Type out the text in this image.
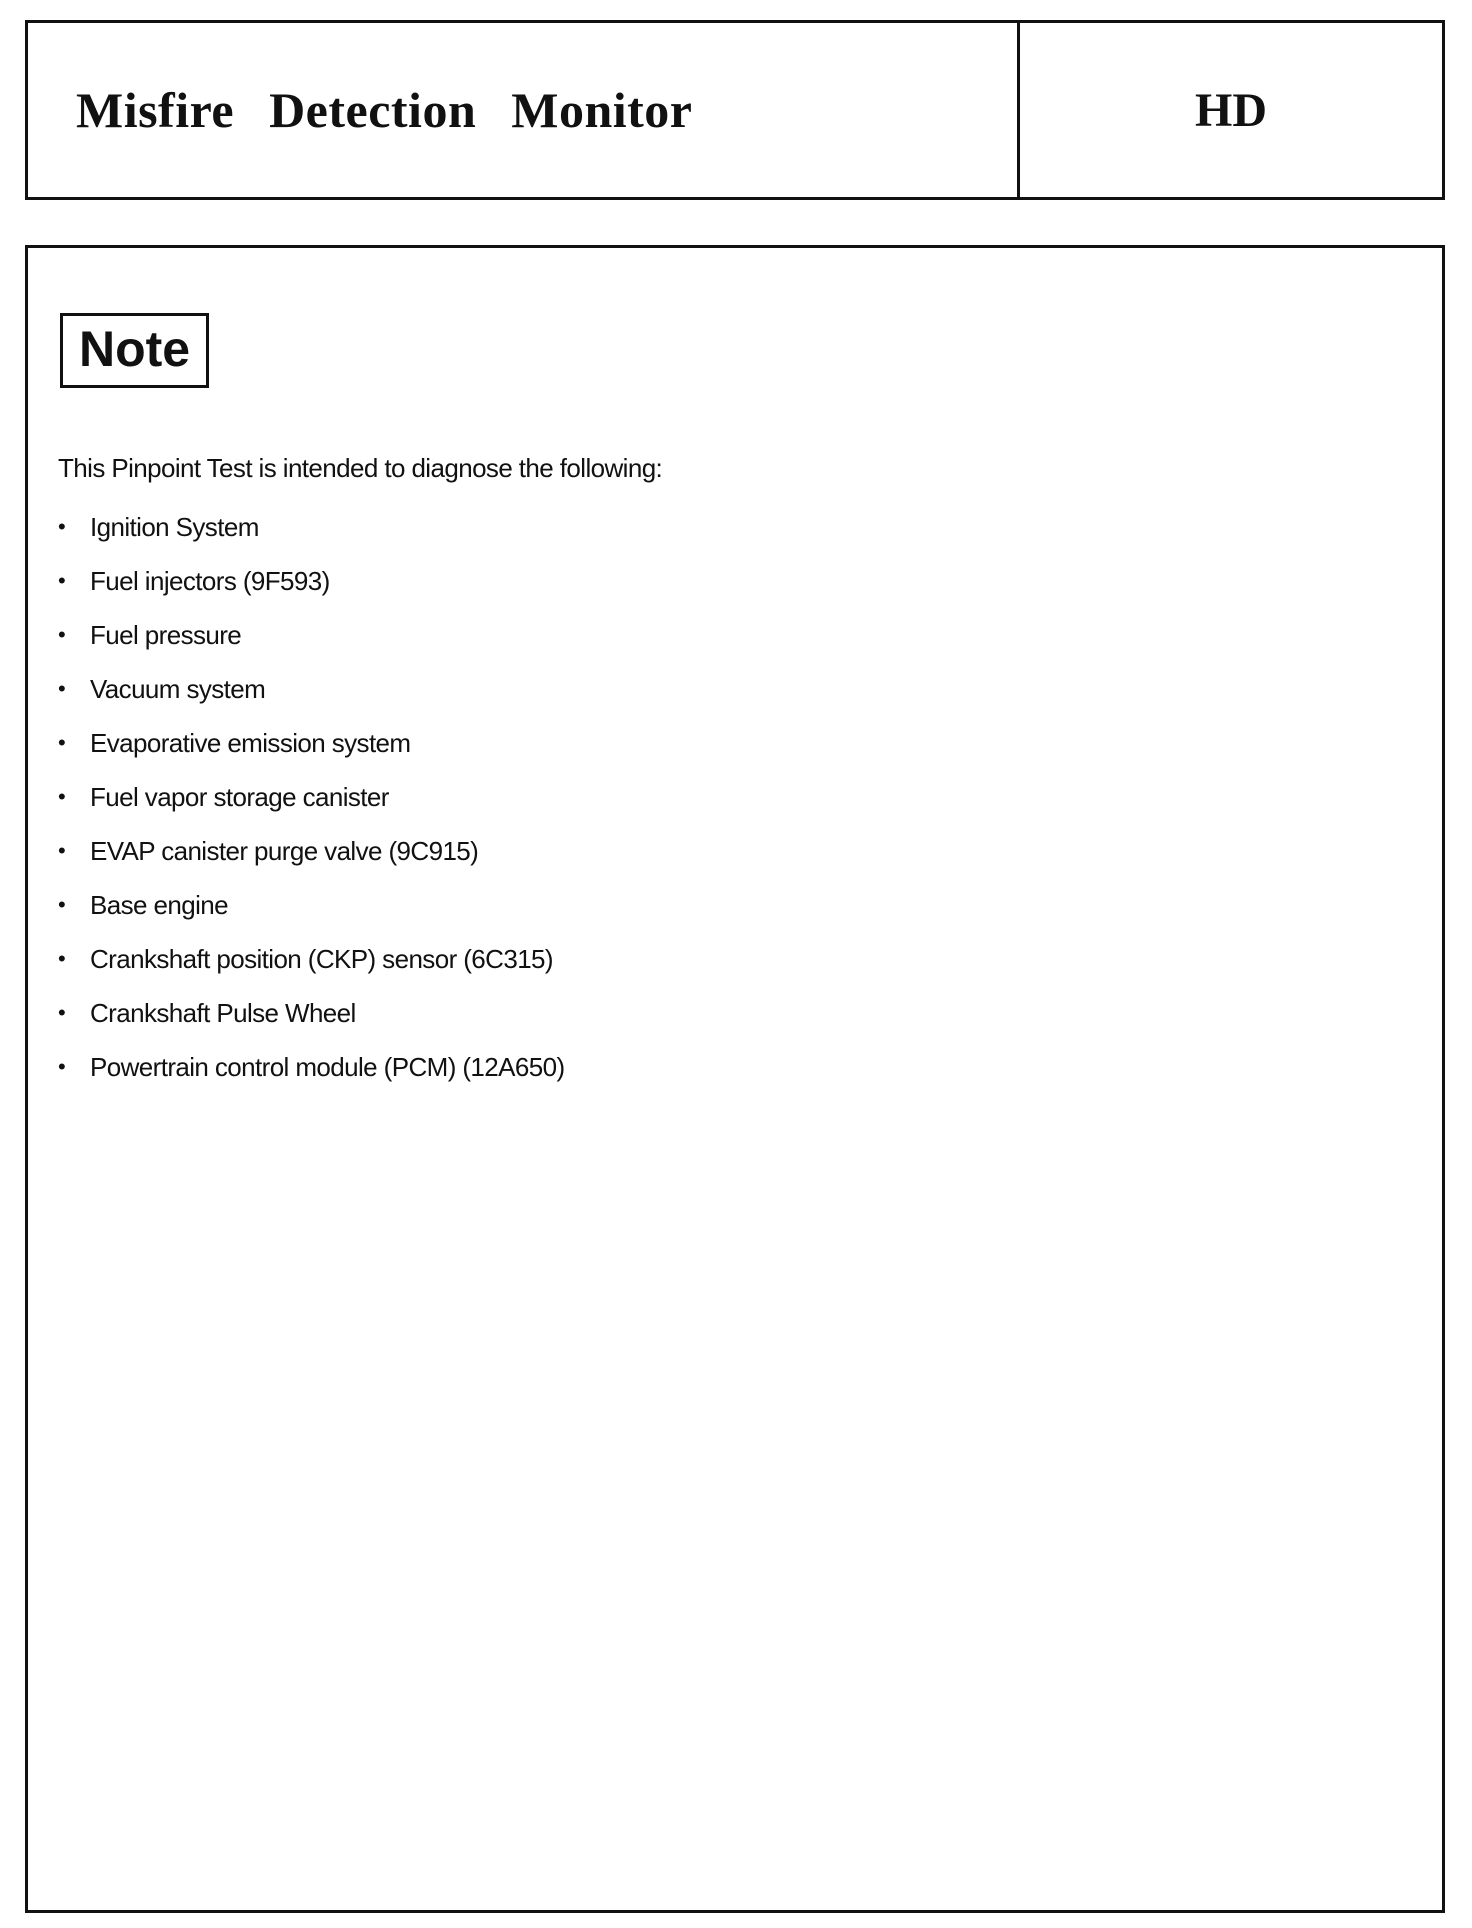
Misfire Detection Monitor	HD
Note
This Pinpoint Test is intended to diagnose the following:
• Ignition System
• Fuel injectors (9F593)
• Fuel pressure
• Vacuum system
• Evaporative emission system
• Fuel vapor storage canister
• EVAP canister purge valve (9C915)
• Base engine
• Crankshaft position (CKP) sensor (6C315)
• Crankshaft Pulse Wheel
• Powertrain control module (PCM) (12A650)
